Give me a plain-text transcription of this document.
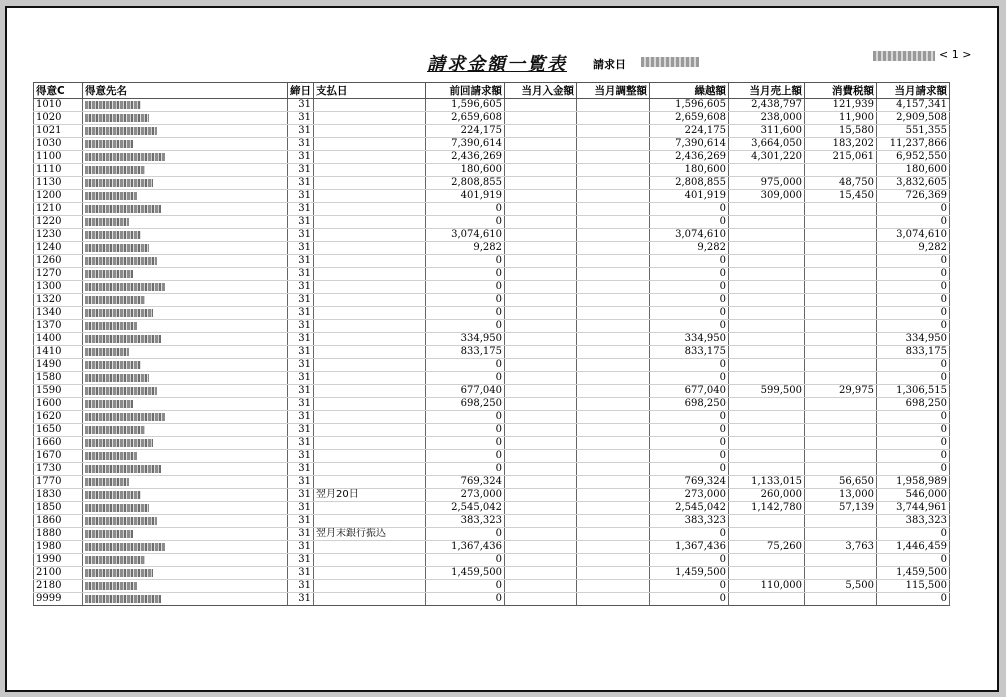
請求金額一覧表 請求日
< 1 >
得意C	得意先名	締日	支払日	前回請求額	当月入金額	当月調整額	繰越額	当月売上額	消費税額	当月請求額
1010		31		1,596,605			1,596,605	2,438,797	121,939	4,157,341
1020		31		2,659,608			2,659,608	238,000	11,900	2,909,508
1021		31		224,175			224,175	311,600	15,580	551,355
1030		31		7,390,614			7,390,614	3,664,050	183,202	11,237,866
1100		31		2,436,269			2,436,269	4,301,220	215,061	6,952,550
1110		31		180,600			180,600			180,600
1130		31		2,808,855			2,808,855	975,000	48,750	3,832,605
1200		31		401,919			401,919	309,000	15,450	726,369
1210		31		0			0			0
1220		31		0			0			0
1230		31		3,074,610			3,074,610			3,074,610
1240		31		9,282			9,282			9,282
1260		31		0			0			0
1270		31		0			0			0
1300		31		0			0			0
1320		31		0			0			0
1340		31		0			0			0
1370		31		0			0			0
1400		31		334,950			334,950			334,950
1410		31		833,175			833,175			833,175
1490		31		0			0			0
1580		31		0			0			0
1590		31		677,040			677,040	599,500	29,975	1,306,515
1600		31		698,250			698,250			698,250
1620		31		0			0			0
1650		31		0			0			0
1660		31		0			0			0
1670		31		0			0			0
1730		31		0			0			0
1770		31		769,324			769,324	1,133,015	56,650	1,958,989
1830		31	翌月20日	273,000			273,000	260,000	13,000	546,000
1850		31		2,545,042			2,545,042	1,142,780	57,139	3,744,961
1860		31		383,323			383,323			383,323
1880		31	翌月末銀行振込	0			0			0
1980		31		1,367,436			1,367,436	75,260	3,763	1,446,459
1990		31		0			0			0
2100		31		1,459,500			1,459,500			1,459,500
2180		31		0			0	110,000	5,500	115,500
9999		31		0			0			0
